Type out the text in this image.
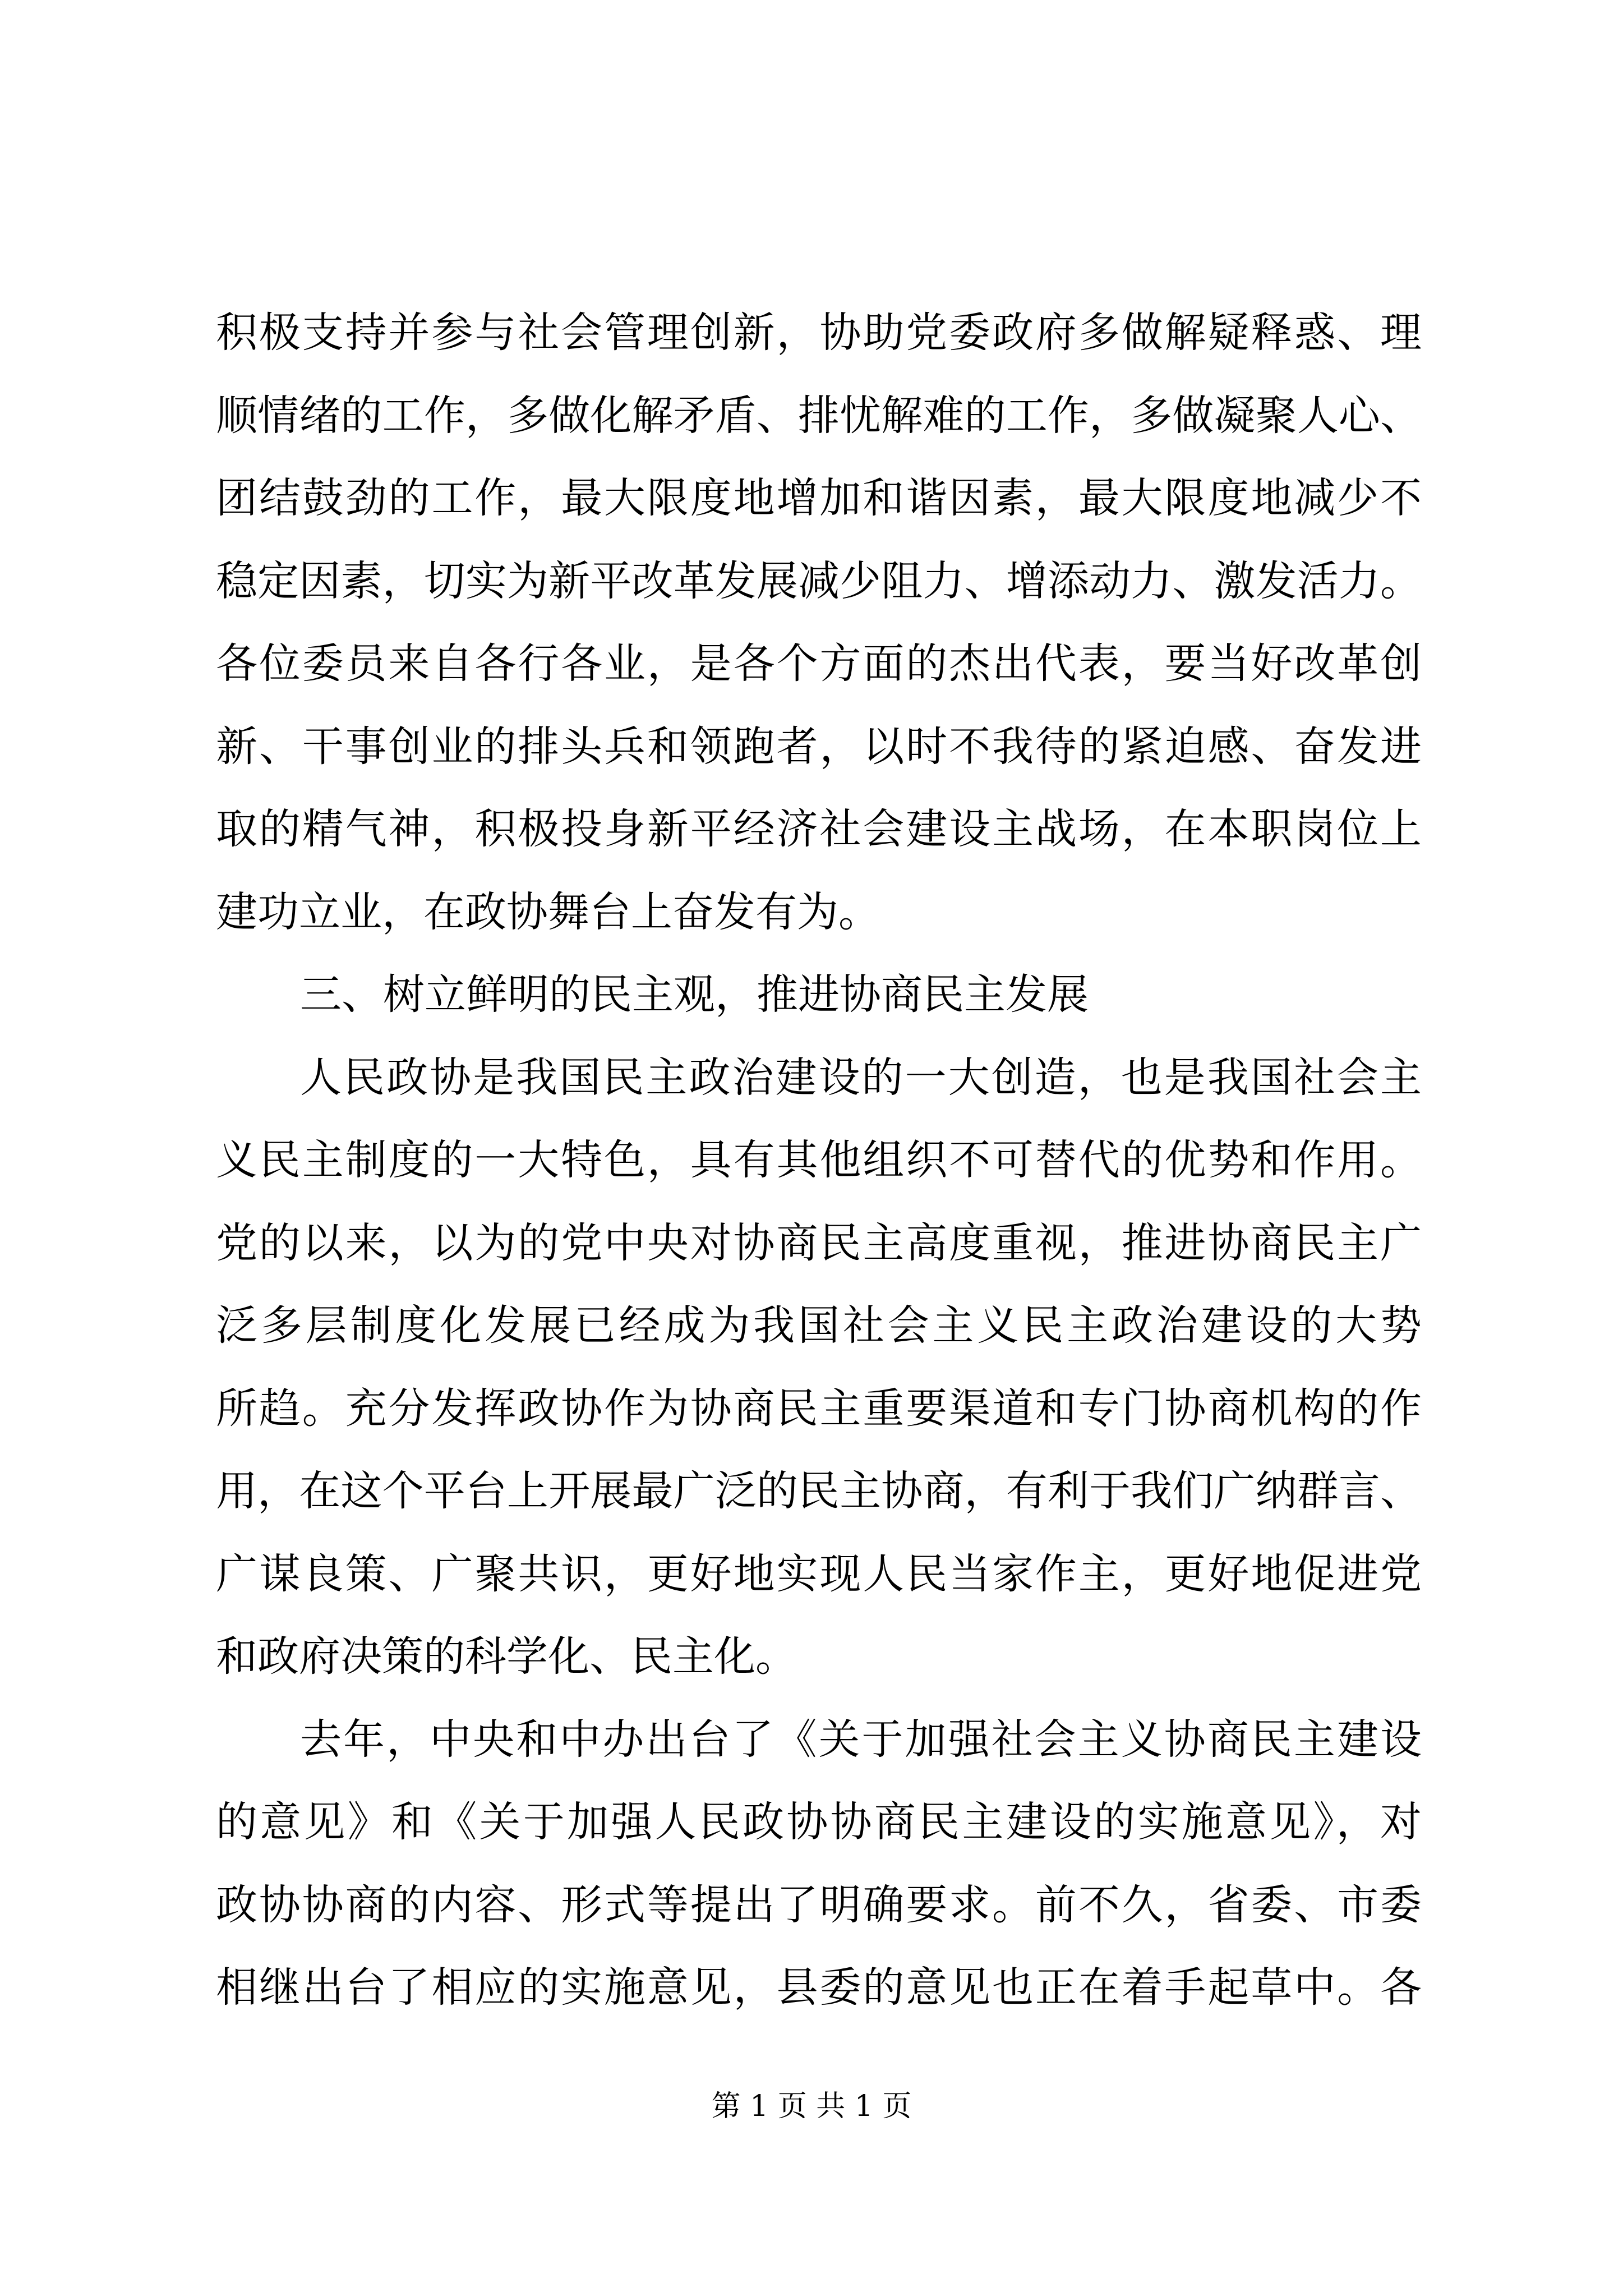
积极支持并参与社会管理创新，协助党委政府多做解疑释惑、理
顺情绪的工作，多做化解矛盾、排忧解难的工作，多做凝聚人心、
团结鼓劲的工作，最大限度地增加和谐因素，最大限度地减少不
稳定因素，切实为新平改革发展减少阻力、增添动力、激发活力。
各位委员来自各行各业，是各个方面的杰出代表，要当好改革创
新、干事创业的排头兵和领跑者，以时不我待的紧迫感、奋发进
取的精气神，积极投身新平经济社会建设主战场，在本职岗位上
建功立业，在政协舞台上奋发有为。
三、树立鲜明的民主观，推进协商民主发展
人民政协是我国民主政治建设的一大创造，也是我国社会主
义民主制度的一大特色，具有其他组织不可替代的优势和作用。
党的以来，以为的党中央对协商民主高度重视，推进协商民主广
泛多层制度化发展已经成为我国社会主义民主政治建设的大势
所趋。充分发挥政协作为协商民主重要渠道和专门协商机构的作
用，在这个平台上开展最广泛的民主协商，有利于我们广纳群言、
广谋良策、广聚共识，更好地实现人民当家作主，更好地促进党
和政府决策的科学化、民主化。
去年，中央和中办出台了《关于加强社会主义协商民主建设
的意见》和《关于加强人民政协协商民主建设的实施意见》，对
政协协商的内容、形式等提出了明确要求。前不久，省委、市委
相继出台了相应的实施意见，县委的意见也正在着手起草中。各
第 1 页 共 1 页
